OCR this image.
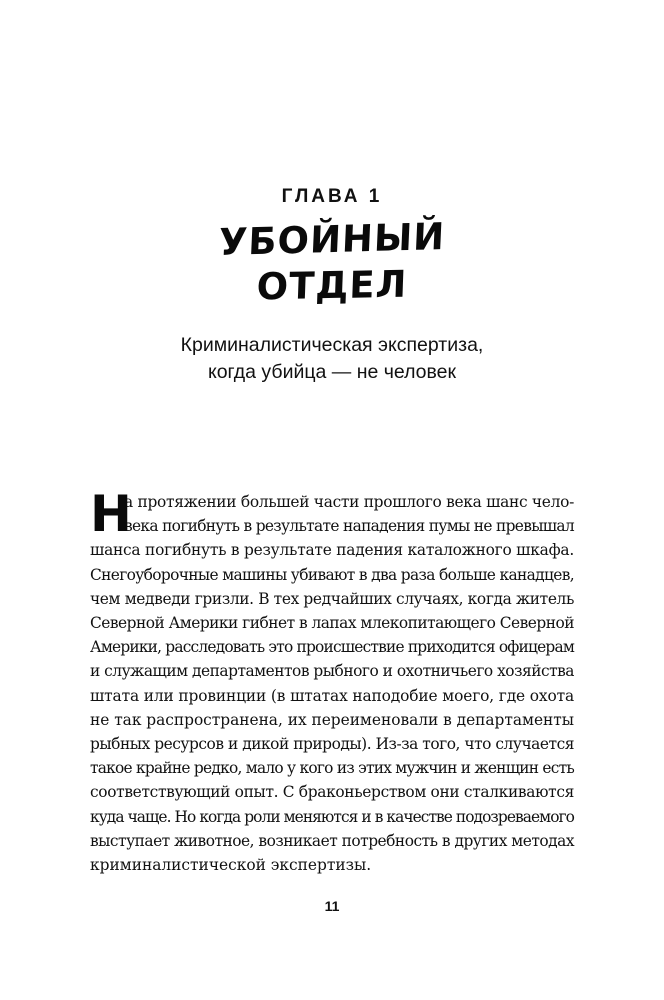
ГЛАВА 1
УБОЙНЫЙ
ОТДЕЛ
Криминалистическая экспертиза,
когда убийца — не человек
Н
а протяжении большей части прошлого века шанс чело-
века погибнуть в результате нападения пумы не превышал
шанса погибнуть в результате падения каталожного шкафа.
Снегоуборочные машины убивают в два раза больше канадцев,
чем медведи гризли. В тех редчайших случаях, когда житель
Северной Америки гибнет в лапах млекопитающего Северной
Америки, расследовать это происшествие приходится офицерам
и служащим департаментов рыбного и охотничьего хозяйства
штата или провинции (в штатах наподобие моего, где охота
не так распространена, их переименовали в департаменты
рыбных ресурсов и дикой природы). Из-за того, что случается
такое крайне редко, мало у кого из этих мужчин и женщин есть
соответствующий опыт. С браконьерством они сталкиваются
куда чаще. Но когда роли меняются и в качестве подозреваемого
выступает животное, возникает потребность в других методах
криминалистической экспертизы.
11
